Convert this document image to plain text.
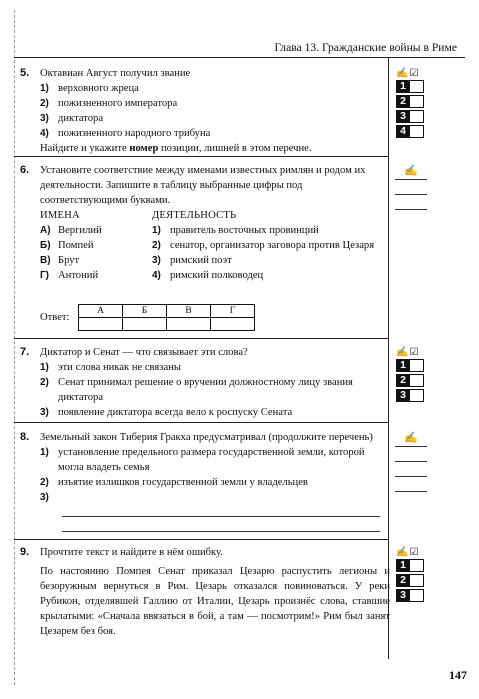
Глава 13. Гражданские войны в Риме
5. Октавиан Август получил звание
1) верховного жреца
2) пожизненного императора
3) диктатора
4) пожизненного народного трибуна
Найдите и укажите номер позиции, лишней в этом перечне.
✍☑
1
2
3
4
6. Установите соответствие между именами известных римлян и родом их деятельности. Запишите в таблицу выбранные цифры под соответствующими буквами.
ИМЕНА
А) Вергилий
Б) Помпей
В) Брут
Г) Антоний
ДЕЯТЕЛЬНОСТЬ
1) правитель восточных провинций
2) сенатор, организатор заговора против Цезаря
3) римский поэт
4) римский полководец
Ответ:
А	Б	В	Г

✍
7. Диктатор и Сенат — что связывает эти слова?
1) эти слова никак не связаны
2) Сенат принимал решение о вручении должностному лицу звания диктатора
3) появление диктатора всегда вело к роспуску Сената
✍☑
1
2
3
8. Земельный закон Тиберия Гракха предусматривал (продолжите перечень)
1) установление предельного размера государственной земли, которой могла владеть семья
2) изъятие излишков государственной земли у владельцев
3)
✍
9. Прочтите текст и найдите в нём ошибку.

По настоянию Помпея Сенат приказал Цезарю распустить легионы и безоружным вернуться в Рим. Цезарь отказался повиноваться. У реки Рубикон, отделявшей Галлию от Италии, Цезарь произнёс слова, ставшие крылатыми: «Сначала ввязаться в бой, а там — посмотрим!» Рим был занят Цезарем без боя.

✍☑
1
2
3
147
